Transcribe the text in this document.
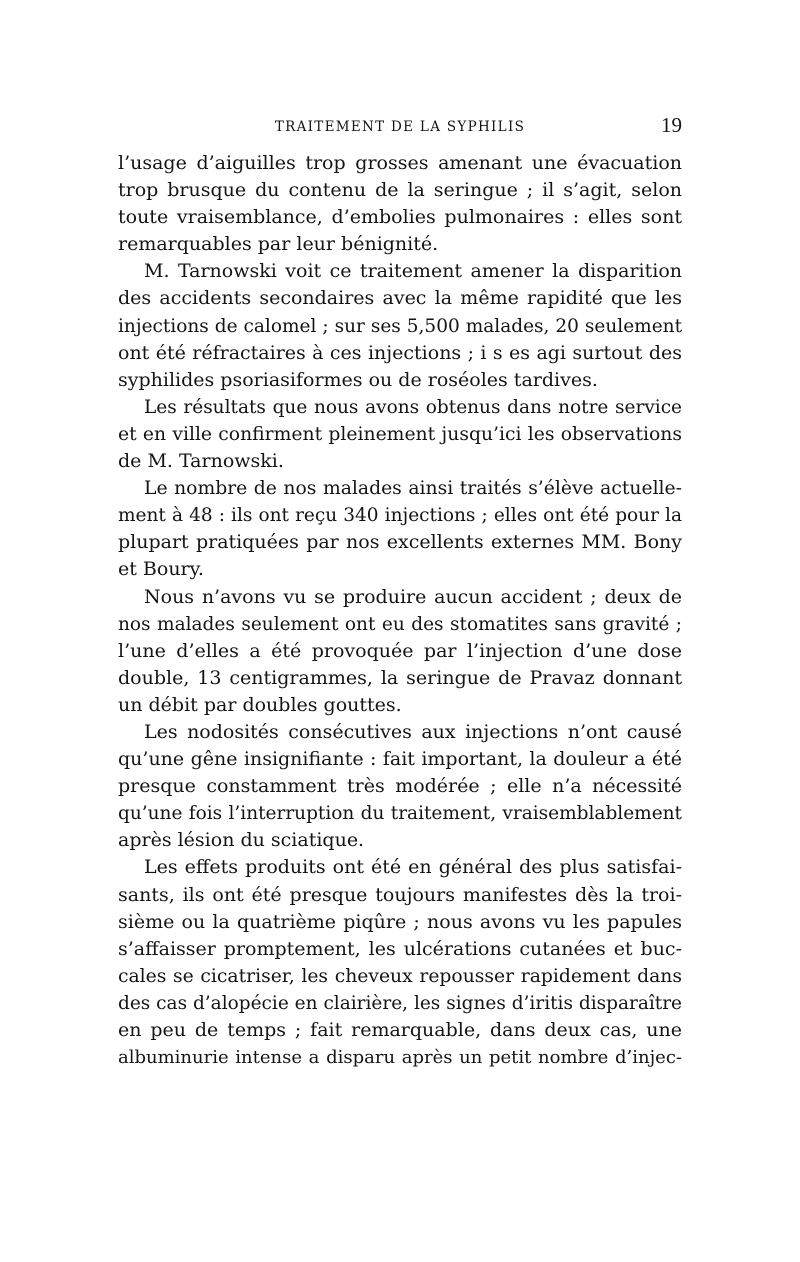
TRAITEMENT DE LA SYPHILIS	19
l’usage d’aiguilles trop grosses amenant une évacuation
trop brusque du contenu de la seringue ; il s’agit, selon
toute vraisemblance, d’embolies pulmonaires : elles sont
remarquables par leur bénignité.
M. Tarnowski voit ce traitement amener la disparition
des accidents secondaires avec la même rapidité que les
injections de calomel ; sur ses 5,500 malades, 20 seulement
ont été réfractaires à ces injections ; i s es agi surtout des
syphilides psoriasiformes ou de roséoles tardives.
Les résultats que nous avons obtenus dans notre service
et en ville confirment pleinement jusqu’ici les observations
de M. Tarnowski.
Le nombre de nos malades ainsi traités s’élève actuelle-
ment à 48 : ils ont reçu 340 injections ; elles ont été pour la
plupart pratiquées par nos excellents externes MM. Bony
et Boury.
Nous n’avons vu se produire aucun accident ; deux de
nos malades seulement ont eu des stomatites sans gravité ;
l’une d’elles a été provoquée par l’injection d’une dose
double, 13 centigrammes, la seringue de Pravaz donnant
un débit par doubles gouttes.
Les nodosités consécutives aux injections n’ont causé
qu’une gêne insignifiante : fait important, la douleur a été
presque constamment très modérée ; elle n’a nécessité
qu’une fois l’interruption du traitement, vraisemblablement
après lésion du sciatique.
Les effets produits ont été en général des plus satisfai-
sants, ils ont été presque toujours manifestes dès la troi-
sième ou la quatrième piqûre ; nous avons vu les papules
s’affaisser promptement, les ulcérations cutanées et buc-
cales se cicatriser, les cheveux repousser rapidement dans
des cas d’alopécie en clairière, les signes d’iritis disparaître
en peu de temps ; fait remarquable, dans deux cas, une
albuminurie intense a disparu après un petit nombre d’injec-
